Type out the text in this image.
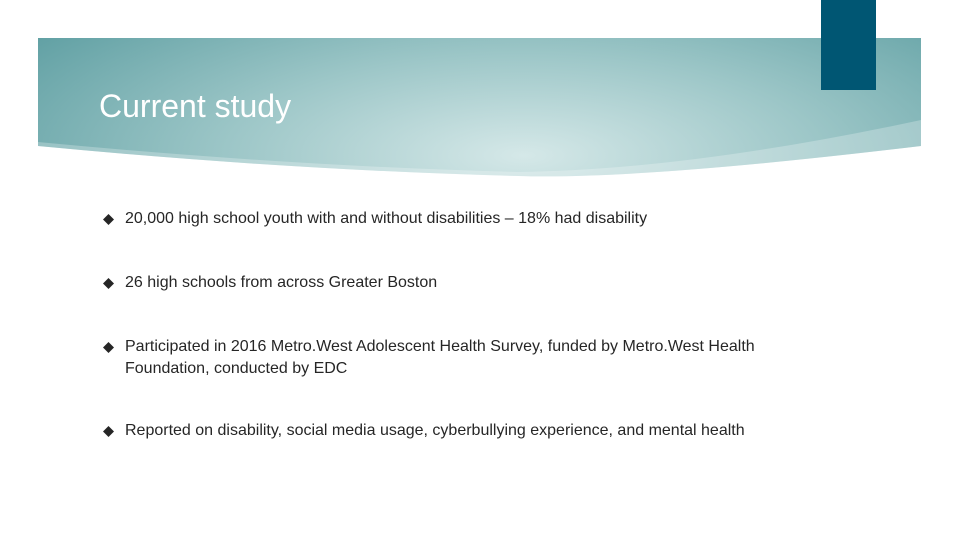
Current study
20,000 high school youth with and without disabilities – 18% had disability
26 high schools from across Greater Boston
Participated in 2016 Metro.West Adolescent Health Survey, funded by Metro.West Health Foundation, conducted by EDC
Reported on disability, social media usage, cyberbullying experience, and mental health
